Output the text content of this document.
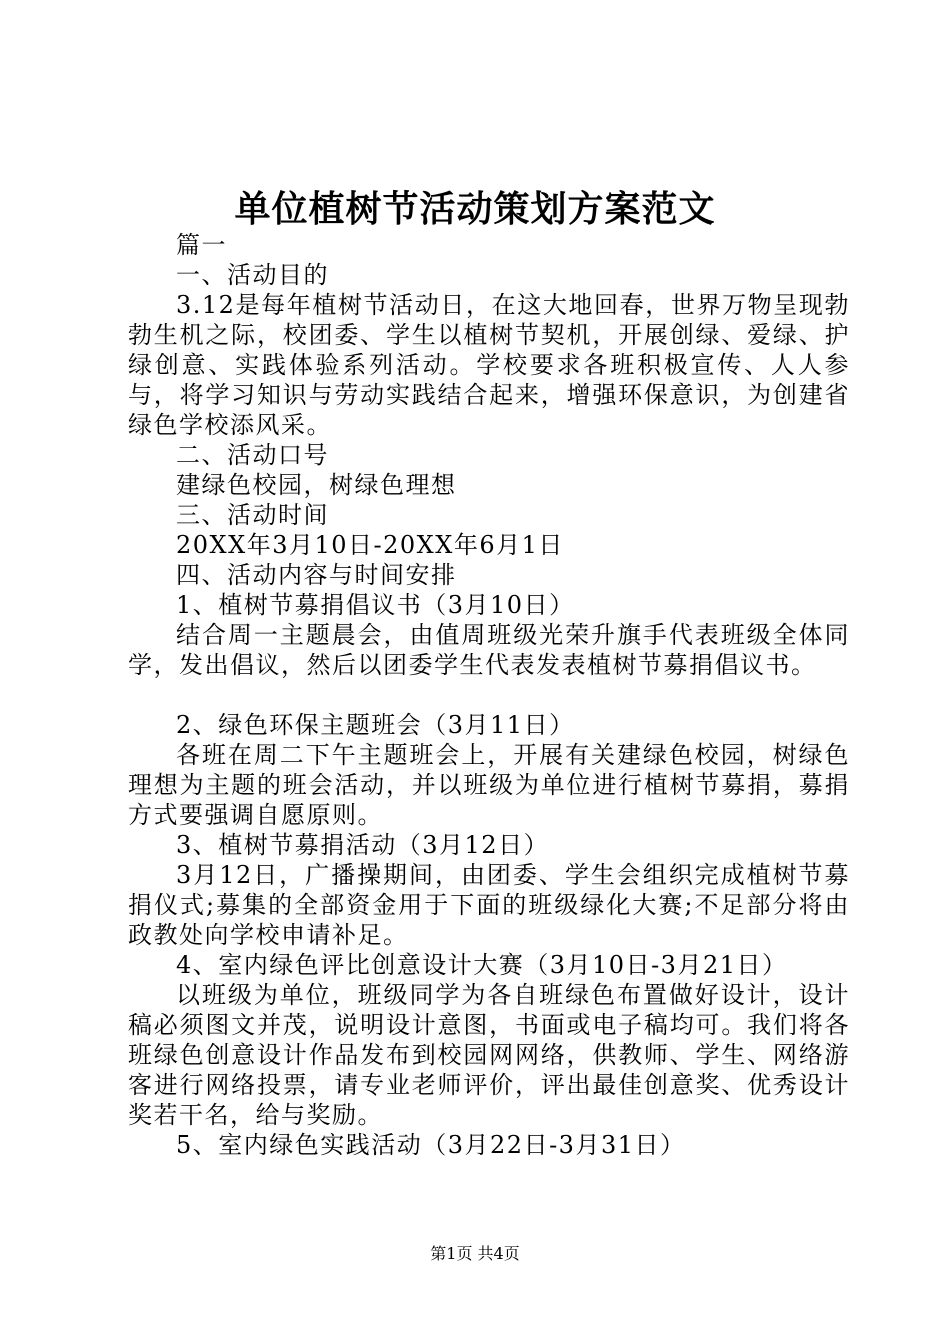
单位植树节活动策划方案范文

篇一

一、活动目的

3.12是每年植树节活动日，在这大地回春，世界万物呈现勃勃生机之际，校团委、学生以植树节契机，开展创绿、爱绿、护绿创意、实践体验系列活动。学校要求各班积极宣传、人人参与，将学习知识与劳动实践结合起来，增强环保意识，为创建省绿色学校添风采。

二、活动口号

建绿色校园，树绿色理想

三、活动时间

20XX年3月10日-20XX年6月1日

四、活动内容与时间安排

1、植树节募捐倡议书（3月10日）

结合周一主题晨会，由值周班级光荣升旗手代表班级全体同学，发出倡议，然后以团委学生代表发表植树节募捐倡议书。

2、绿色环保主题班会（3月11日）

各班在周二下午主题班会上，开展有关建绿色校园，树绿色理想为主题的班会活动，并以班级为单位进行植树节募捐，募捐方式要强调自愿原则。

3、植树节募捐活动（3月12日）

3月12日，广播操期间，由团委、学生会组织完成植树节募捐仪式;募集的全部资金用于下面的班级绿化大赛;不足部分将由政教处向学校申请补足。

4、室内绿色评比创意设计大赛（3月10日-3月21日）

以班级为单位，班级同学为各自班绿色布置做好设计，设计稿必须图文并茂，说明设计意图，书面或电子稿均可。我们将各班绿色创意设计作品发布到校园网网络，供教师、学生、网络游客进行网络投票，请专业老师评价，评出最佳创意奖、优秀设计奖若干名，给与奖励。

5、室内绿色实践活动（3月22日-3月31日）

第1页 共4页
